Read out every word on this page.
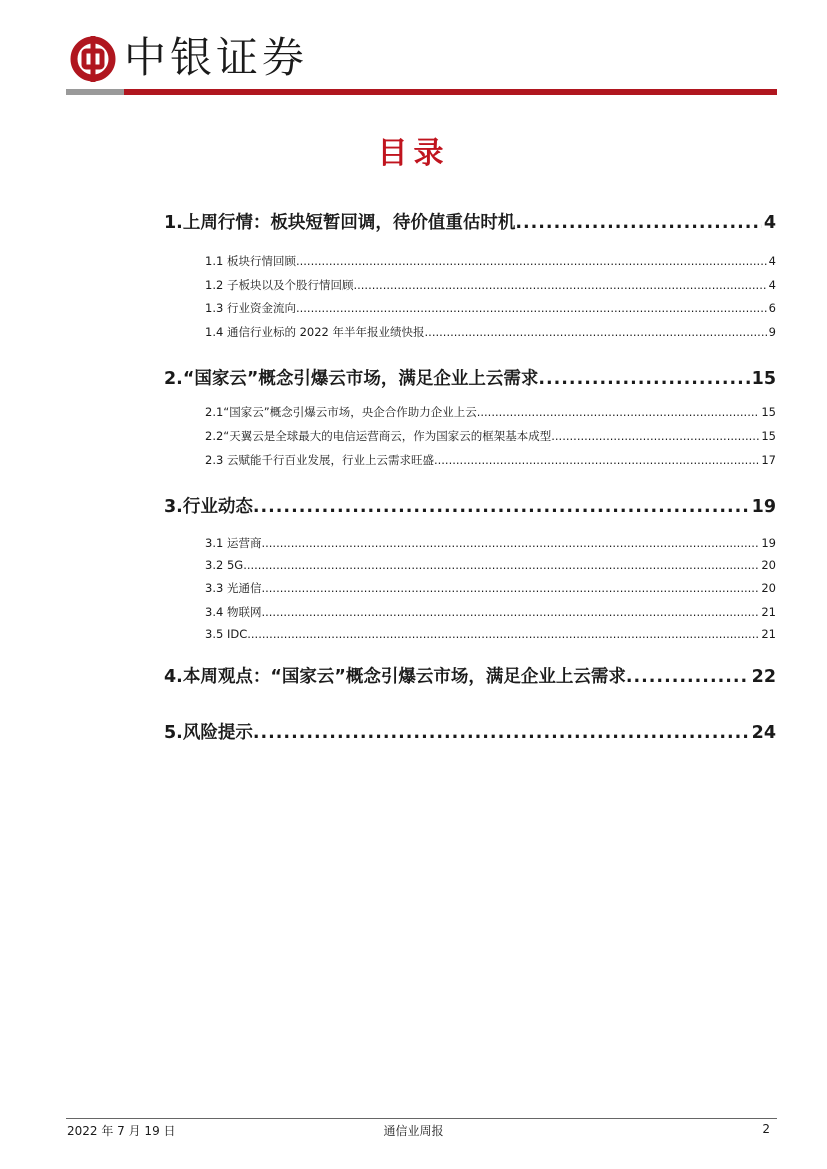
中银证券
目录
1.上周行情：板块短暂回调，待价值重估时机 .....	4
1.1 板块行情回顾 .....	4
1.2 子板块以及个股行情回顾 .....	4
1.3 行业资金流向 .....	6
1.4 通信行业标的 2022 年半年报业绩快报 .....	9
2.“国家云”概念引爆云市场，满足企业上云需求 .....	15
2.1“国家云”概念引爆云市场，央企合作助力企业上云 .....	15
2.2“天翼云是全球最大的电信运营商云，作为国家云的框架基本成型 .....	15
2.3 云赋能千行百业发展，行业上云需求旺盛 .....	17
3.行业动态 .....	19
3.1 运营商 .....	19
3.2 5G .....	20
3.3 光通信 .....	20
3.4 物联网 .....	21
3.5 IDC .....	21
4.本周观点：“国家云”概念引爆云市场，满足企业上云需求 .....	22
5.风险提示 .....	24
2022 年 7 月 19 日	通信业周报	2
